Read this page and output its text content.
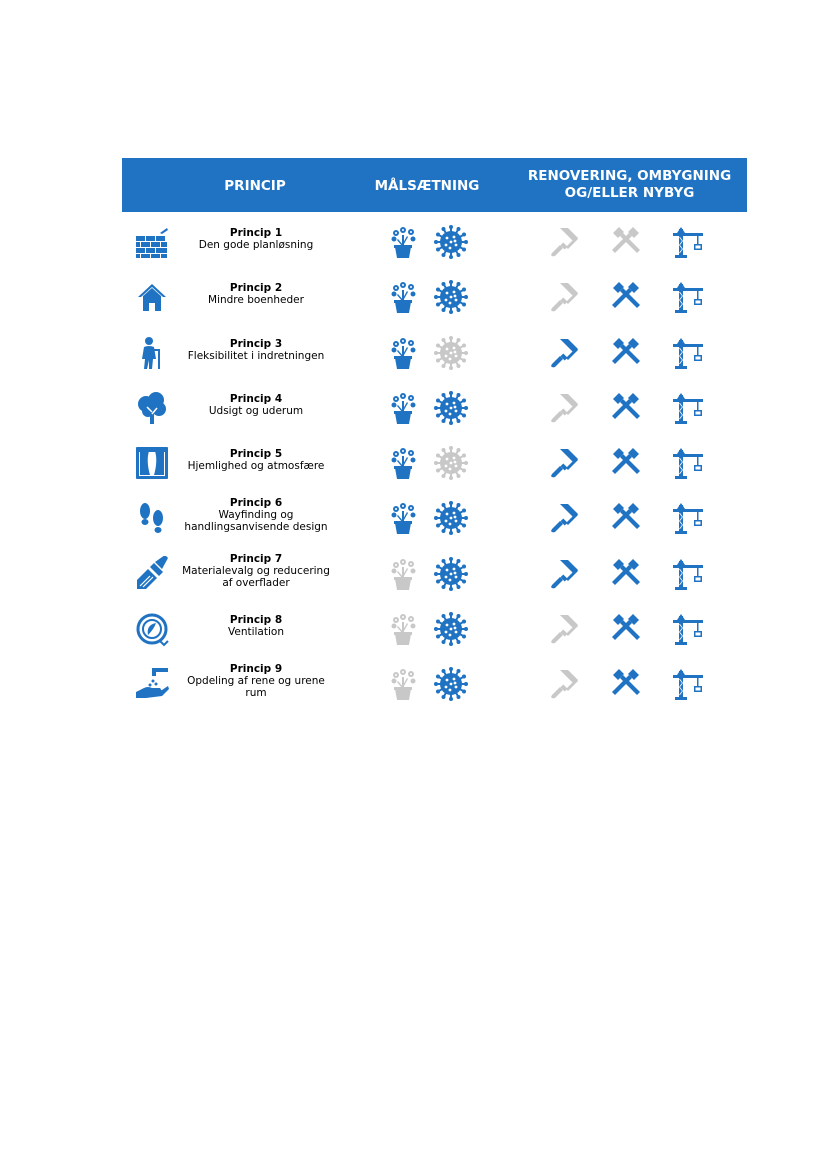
PRINCIP	MÅLSÆTNING
RENOVERING, OMBYGNING
OG/ELLER NYBYG
Princip 1
Den gode planløsning
Princip 2
Mindre boenheder
Princip 3
Fleksibilitet i indretningen
Princip 4
Udsigt og uderum
Princip 5
Hjemlighed og atmosfære
Princip 6
Wayfinding og
handlingsanvisende design
Princip 7
Materialevalg og reducering
af overflader
Princip 8
Ventilation
Princip 9
Opdeling af rene og urene
rum
